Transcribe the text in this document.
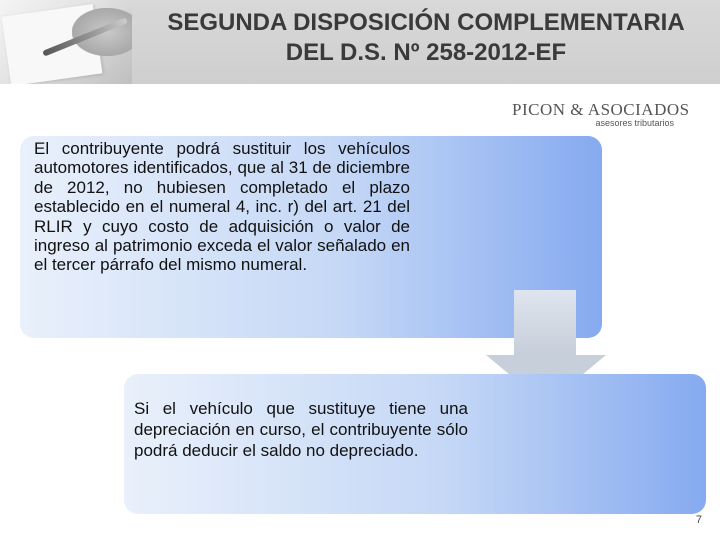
SEGUNDA DISPOSICIÓN COMPLEMENTARIA
DEL D.S. Nº 258-2012-EF
PICON & ASOCIADOS
asesores tributarios
El contribuyente podrá sustituir los vehículos automotores identificados, que al 31 de diciembre de 2012, no hubiesen completado el plazo establecido en el numeral 4, inc. r) del art. 21 del RLIR y cuyo costo de adquisición o valor de ingreso al patrimonio exceda el valor señalado en el tercer párrafo del mismo numeral.
Si el vehículo que sustituye tiene una depreciación en curso, el contribuyente sólo podrá deducir el saldo no depreciado.
7
